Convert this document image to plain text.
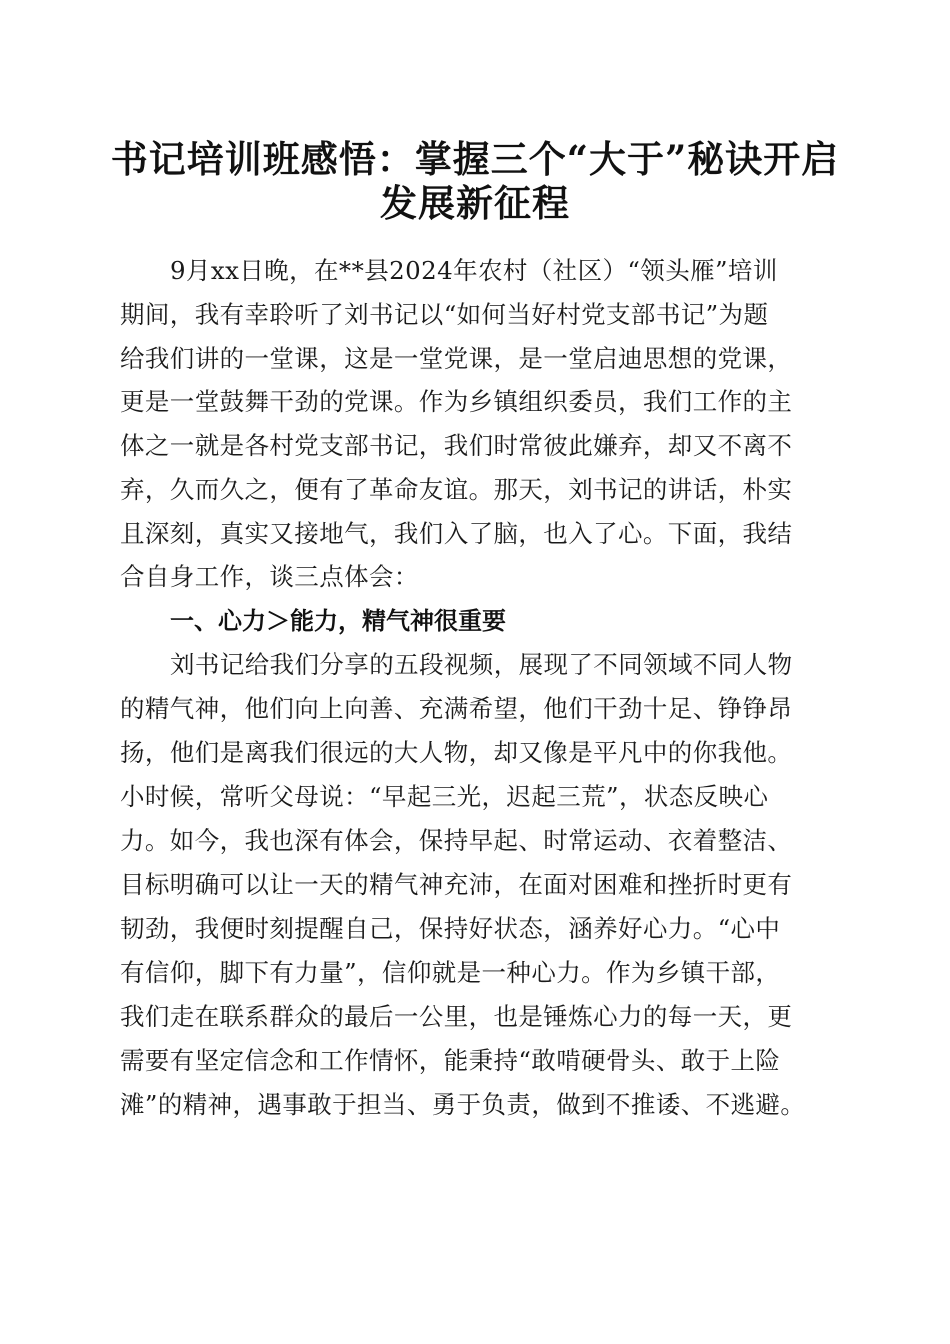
书记培训班感悟：掌握三个“大于”秘诀开启
发展新征程
9月xx日晚，在**县2024年农村（社区）“领头雁”培训
期间，我有幸聆听了刘书记以“如何当好村党支部书记”为题
给我们讲的一堂课，这是一堂党课，是一堂启迪思想的党课，
更是一堂鼓舞干劲的党课。作为乡镇组织委员，我们工作的主
体之一就是各村党支部书记，我们时常彼此嫌弃，却又不离不
弃，久而久之，便有了革命友谊。那天，刘书记的讲话，朴实
且深刻，真实又接地气，我们入了脑，也入了心。下面，我结
合自身工作，谈三点体会：
一、心力＞能力，精气神很重要
刘书记给我们分享的五段视频，展现了不同领域不同人物
的精气神，他们向上向善、充满希望，他们干劲十足、铮铮昂
扬，他们是离我们很远的大人物，却又像是平凡中的你我他。
小时候，常听父母说：“早起三光，迟起三荒”，状态反映心
力。如今，我也深有体会，保持早起、时常运动、衣着整洁、
目标明确可以让一天的精气神充沛，在面对困难和挫折时更有
韧劲，我便时刻提醒自己，保持好状态，涵养好心力。“心中
有信仰，脚下有力量”，信仰就是一种心力。作为乡镇干部，
我们走在联系群众的最后一公里，也是锤炼心力的每一天，更
需要有坚定信念和工作情怀，能秉持“敢啃硬骨头、敢于上险
滩”的精神，遇事敢于担当、勇于负责，做到不推诿、不逃避。
